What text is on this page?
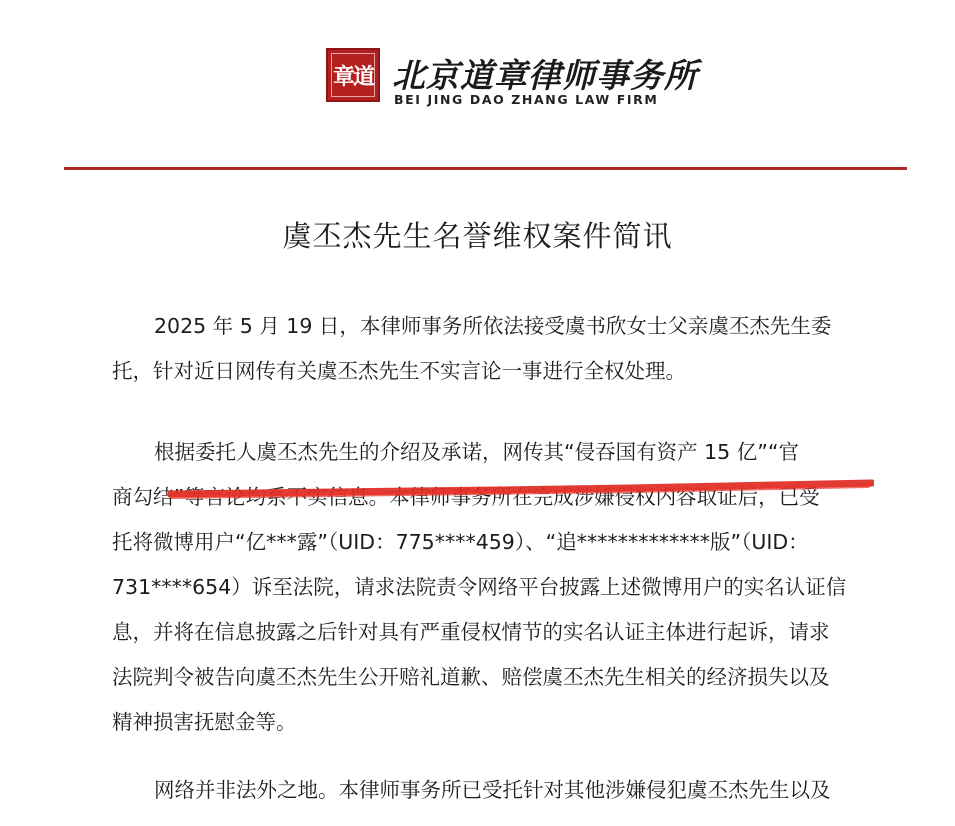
章道 北京道章律师事务所
BEI JING DAO ZHANG LAW FIRM
虞丕杰先生名誉维权案件简讯

2025 年 5 月 19 日，本律师事务所依法接受虞书欣女士父亲虞丕杰先生委
托，针对近日网传有关虞丕杰先生不实言论一事进行全权处理。

根据委托人虞丕杰先生的介绍及承诺，网传其“侵吞国有资产 15 亿”“官
商勾结”等言论均系不实信息。本律师事务所在完成涉嫌侵权内容取证后，已受
托将微博用户“亿***露”（UID：775****459）、“追*************版”（UID：
731****654）诉至法院，请求法院责令网络平台披露上述微博用户的实名认证信
息，并将在信息披露之后针对具有严重侵权情节的实名认证主体进行起诉，请求
法院判令被告向虞丕杰先生公开赔礼道歉、赔偿虞丕杰先生相关的经济损失以及
精神损害抚慰金等。

网络并非法外之地。本律师事务所已受托针对其他涉嫌侵犯虞丕杰先生以及
